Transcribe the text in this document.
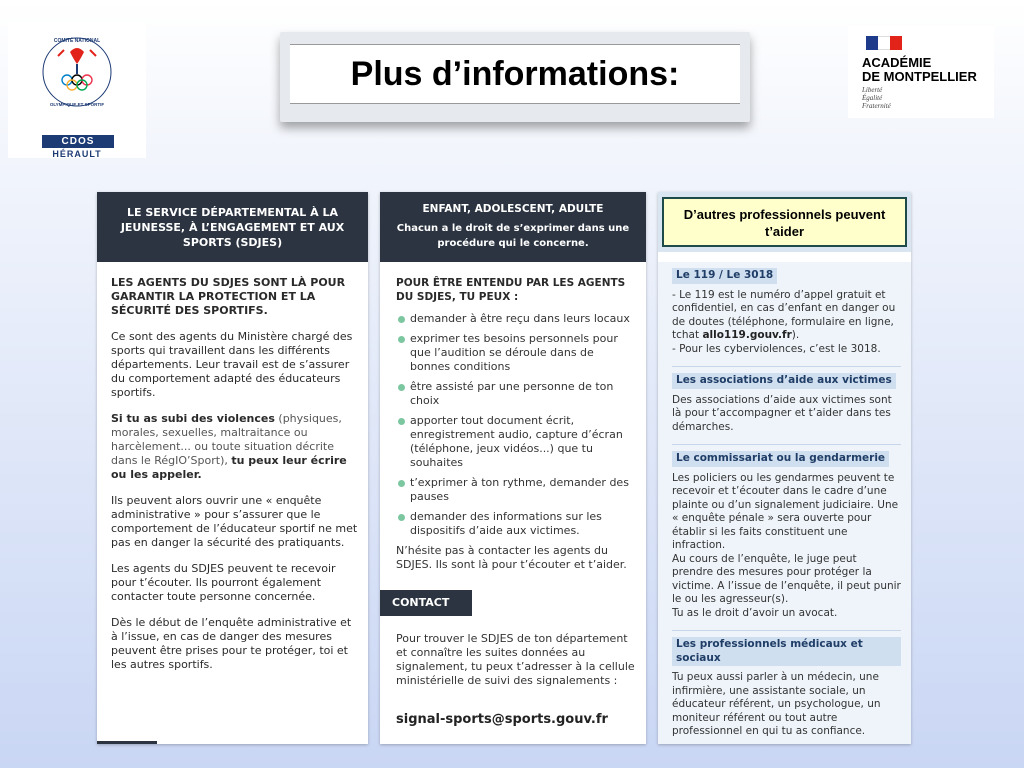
COMITÉ NATIONAL
OLYMPIQUE ET SPORTIF
CDOS
HÉRAULT
Plus d’informations:	ACADÉMIE
DE MONTPELLIER
Liberté
Égalité
Fraternité
LE SERVICE DÉPARTEMENTAL À LA JEUNESSE, À L’ENGAGEMENT ET AUX SPORTS (SDJES)

LES AGENTS DU SDJES SONT LÀ POUR GARANTIR LA PROTECTION ET LA SÉCURITÉ DES SPORTIFS.

Ce sont des agents du Ministère chargé des sports qui travaillent dans les différents départements. Leur travail est de s’assurer du comportement adapté des éducateurs sportifs.

Si tu as subi des violences (physiques, morales, sexuelles, maltraitance ou harcèlement... ou toute situation décrite dans le RégIO’Sport), tu peux leur écrire ou les appeler.

Ils peuvent alors ouvrir une « enquête administrative » pour s’assurer que le comportement de l’éducateur sportif ne met pas en danger la sécurité des pratiquants.

Les agents du SDJES peuvent te recevoir pour t’écouter. Ils pourront également contacter toute personne concernée.

Dès le début de l’enquête administrative et à l’issue, en cas de danger des mesures peuvent être prises pour te protéger, toi et les autres sportifs.

ENFANT, ADOLESCENT, ADULTE
Chacun a le droit de s’exprimer dans une procédure qui le concerne.
POUR ÊTRE ENTENDU PAR LES AGENTS DU SDJES, TU PEUX :
demander à être reçu dans leurs locaux
exprimer tes besoins personnels pour que l’audition se déroule dans de bonnes conditions
être assisté par une personne de ton choix
apporter tout document écrit, enregistrement audio, capture d’écran (téléphone, jeux vidéos...) que tu souhaites
t’exprimer à ton rythme, demander des pauses
demander des informations sur les dispositifs d’aide aux victimes.
N’hésite pas à contacter les agents du SDJES. Ils sont là pour t’écouter et t’aider.
CONTACT
Pour trouver le SDJES de ton département et connaître les suites données au signalement, tu peux t’adresser à la cellule ministérielle de suivi des signalements :
signal-sports@sports.gouv.fr
D’autres professionnels peuvent t’aider
Le 119 / Le 3018

- Le 119 est le numéro d’appel gratuit et confidentiel, en cas d’enfant en danger ou de doutes (téléphone, formulaire en ligne, tchat allo119.gouv.fr).

- Pour les cyberviolences, c’est le 3018.

Les associations d’aide aux victimes

Des associations d’aide aux victimes sont là pour t’accompagner et t’aider dans tes démarches.

Le commissariat ou la gendarmerie

Les policiers ou les gendarmes peuvent te recevoir et t’écouter dans le cadre d’une plainte ou d’un signalement judiciaire. Une « enquête pénale » sera ouverte pour établir si les faits constituent une infraction.

Au cours de l’enquête, le juge peut prendre des mesures pour protéger la victime. A l’issue de l’enquête, il peut punir le ou les agresseur(s).

Tu as le droit d’avoir un avocat.

Les professionnels médicaux et sociaux

Tu peux aussi parler à un médecin, une infirmière, une assistante sociale, un éducateur référent, un psychologue, un moniteur référent ou tout autre professionnel en qui tu as confiance.
